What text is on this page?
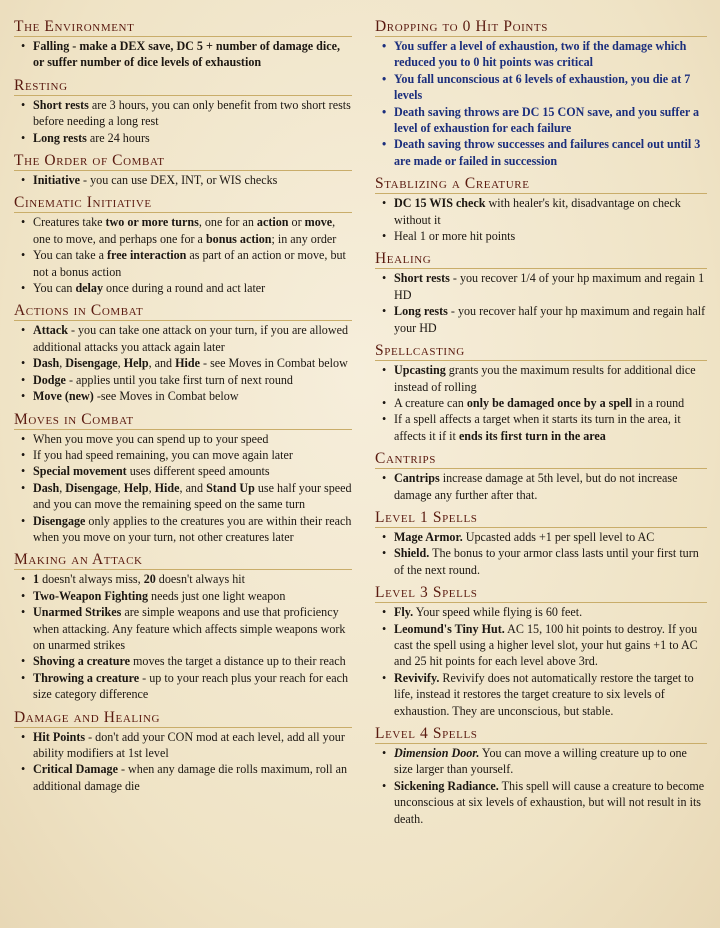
The Environment
• Falling - make a DEX save, DC 5 + number of damage dice, or suffer number of dice levels of exhaustion
Resting
• Short rests are 3 hours, you can only benefit from two short rests before needing a long rest
• Long rests are 24 hours
The Order of Combat
• Initiative - you can use DEX, INT, or WIS checks
Cinematic Initiative
• Creatures take two or more turns, one for an action or move, one to move, and perhaps one for a bonus action; in any order
• You can take a free interaction as part of an action or move, but not a bonus action
• You can delay once during a round and act later
Actions in Combat
• Attack - you can take one attack on your turn, if you are allowed additional attacks you attack again later
• Dash, Disengage, Help, and Hide - see Moves in Combat below
• Dodge - applies until you take first turn of next round
• Move (new) -see Moves in Combat below
Moves in Combat
• When you move you can spend up to your speed
• If you had speed remaining, you can move again later
• Special movement uses different speed amounts
• Dash, Disengage, Help, Hide, and Stand Up use half your speed and you can move the remaining speed on the same turn
• Disengage only applies to the creatures you are within their reach when you move on your turn, not other creatures later
Making an Attack
• 1 doesn't always miss, 20 doesn't always hit
• Two-Weapon Fighting needs just one light weapon
• Unarmed Strikes are simple weapons and use that proficiency when attacking. Any feature which affects simple weapons work on unarmed strikes
• Shoving a creature moves the target a distance up to their reach
• Throwing a creature - up to your reach plus your reach for each size category difference
Damage and Healing
• Hit Points - don't add your CON mod at each level, add all your ability modifiers at 1st level
• Critical Damage - when any damage die rolls maximum, roll an additional damage die
Dropping to 0 Hit Points
• You suffer a level of exhaustion, two if the damage which reduced you to 0 hit points was critical
• You fall unconscious at 6 levels of exhaustion, you die at 7 levels
• Death saving throws are DC 15 CON save, and you suffer a level of exhaustion for each failure
• Death saving throw successes and failures cancel out until 3 are made or failed in succession
Stablizing a Creature
• DC 15 WIS check with healer's kit, disadvantage on check without it
• Heal 1 or more hit points
Healing
• Short rests - you recover 1/4 of your hp maximum and regain 1 HD
• Long rests - you recover half your hp maximum and regain half your HD
Spellcasting
• Upcasting grants you the maximum results for additional dice instead of rolling
• A creature can only be damaged once by a spell in a round
• If a spell affects a target when it starts its turn in the area, it affects it if it ends its first turn in the area
Cantrips
• Cantrips increase damage at 5th level, but do not increase damage any further after that.
Level 1 Spells
• Mage Armor. Upcasted adds +1 per spell level to AC
• Shield. The bonus to your armor class lasts until your first turn of the next round.
Level 3 Spells
• Fly. Your speed while flying is 60 feet.
• Leomund's Tiny Hut. AC 15, 100 hit points to destroy. If you cast the spell using a higher level slot, your hut gains +1 to AC and 25 hit points for each level above 3rd.
• Revivify. Revivify does not automatically restore the target to life, instead it restores the target creature to six levels of exhaustion. They are unconscious, but stable.
Level 4 Spells
• Dimension Door. You can move a willing creature up to one size larger than yourself.
• Sickening Radiance. This spell will cause a creature to become unconscious at six levels of exhaustion, but will not result in its death.
